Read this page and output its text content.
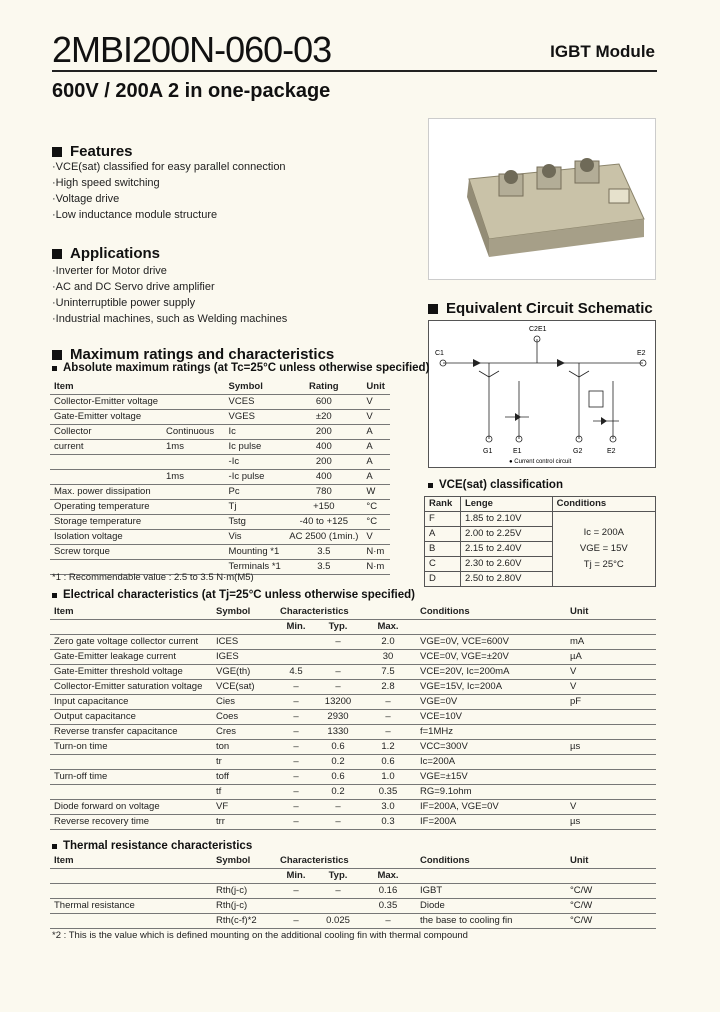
2MBI200N-060-03	IGBT Module
600V / 200A 2 in one-package
Features
· VCE(sat) classified for easy parallel connection
· High speed switching
· Voltage drive
· Low inductance module structure
Applications
· Inverter for Motor drive
· AC and DC Servo drive amplifier
· Uninterruptible power supply
· Industrial machines, such as Welding machines
Equivalent Circuit Schematic
C2E1
C1	E2
G1	E1	G2	E2
● Current control circuit
Maximum ratings and characteristics
Absolute maximum ratings (at Tc=25°C unless otherwise specified)
Item		Symbol	Rating	Unit
Collector-Emitter voltage		VCES	600	V
Gate-Emitter voltage		VGES	±20	V
Collector	Continuous	Ic	200	A
current	1ms	Ic pulse	400	A
		-Ic	200	A
	1ms	-Ic pulse	400	A
Max. power dissipation		Pc	780	W
Operating temperature		Tj	+150	°C
Storage temperature		Tstg	-40 to +125	°C
Isolation voltage		Vis	AC 2500 (1min.)	V
Screw torque		Mounting *1	3.5	N·m
		Terminals *1	3.5	N·m
*1 : Recommendable value : 2.5 to 3.5 N·m(M5)
VCE(sat) classification
Rank	Lenge	Conditions
F	1.85 to 2.10V	Ic = 200A
VGE = 15V
Tj = 25°C

A	2.00 to 2.25V	
B	2.15 to 2.40V	
C	2.30 to 2.60V	
D	2.50 to 2.80V	
Electrical characteristics (at Tj=25°C unless otherwise specified)
Item	Symbol	Characteristics			Conditions	Unit
		Min.	Typ.	Max.		
Zero gate voltage collector current	ICES		–	2.0	VGE=0V, VCE=600V	mA
Gate-Emitter leakage current	IGES			30	VCE=0V, VGE=±20V	µA
Gate-Emitter threshold voltage	VGE(th)	4.5	–	7.5	VCE=20V, Ic=200mA	V
Collector-Emitter saturation voltage	VCE(sat)	–	–	2.8	VGE=15V, Ic=200A	V
Input capacitance	Cies	–	13200	–	VGE=0V	pF
Output capacitance	Coes	–	2930	–	VCE=10V	
Reverse transfer capacitance	Cres	–	1330	–	f=1MHz	
Turn-on time	ton	–	0.6	1.2	VCC=300V	µs
	tr	–	0.2	0.6	Ic=200A	
Turn-off time	toff	–	0.6	1.0	VGE=±15V	
	tf	–	0.2	0.35	RG=9.1ohm	
Diode forward on voltage	VF	–	–	3.0	IF=200A, VGE=0V	V
Reverse recovery time	trr	–	–	0.3	IF=200A	µs
Thermal resistance characteristics
Item	Symbol	Characteristics			Conditions	Unit
		Min.	Typ.	Max.		
	Rth(j-c)	–	–	0.16	IGBT	°C/W
Thermal resistance	Rth(j-c)			0.35	Diode	°C/W
	Rth(c-f)*2	–	0.025	–	the base to cooling fin	°C/W
*2 : This is the value which is defined mounting on the additional cooling fin with thermal compound
